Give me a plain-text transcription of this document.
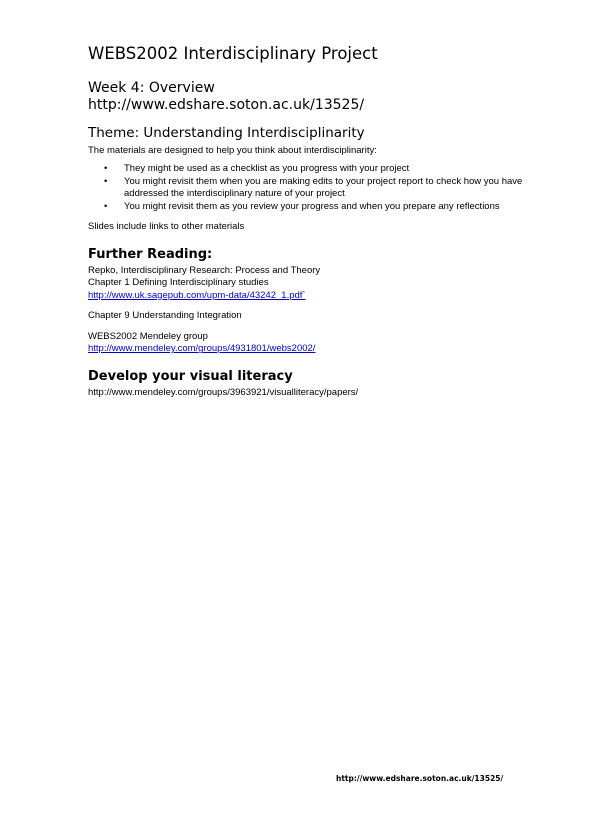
WEBS2002 Interdisciplinary Project
Week 4: Overview
http://www.edshare.soton.ac.uk/13525/
Theme: Understanding Interdisciplinarity

The materials are designed to help you think about interdisciplinarity:

• They might be used as a checklist as you progress with your project
• You might revisit them when you are making edits to your project report to check how you have addressed the interdisciplinary nature of your project
• You might revisit them as you review your progress and when you prepare any reflections

Slides include links to other materials

Further Reading:

Repko, Interdisciplinary Research: Process and Theory

Chapter 1 Defining Interdisciplinary studies

http://www.uk.sagepub.com/upm-data/43242_1.pdf`

Chapter 9 Understanding Integration

WEBS2002 Mendeley group

http://www.mendeley.com/groups/4931801/webs2002/

Develop your visual literacy

http://www.mendeley.com/groups/3963921/visualliteracy/papers/

http://www.edshare.soton.ac.uk/13525/
